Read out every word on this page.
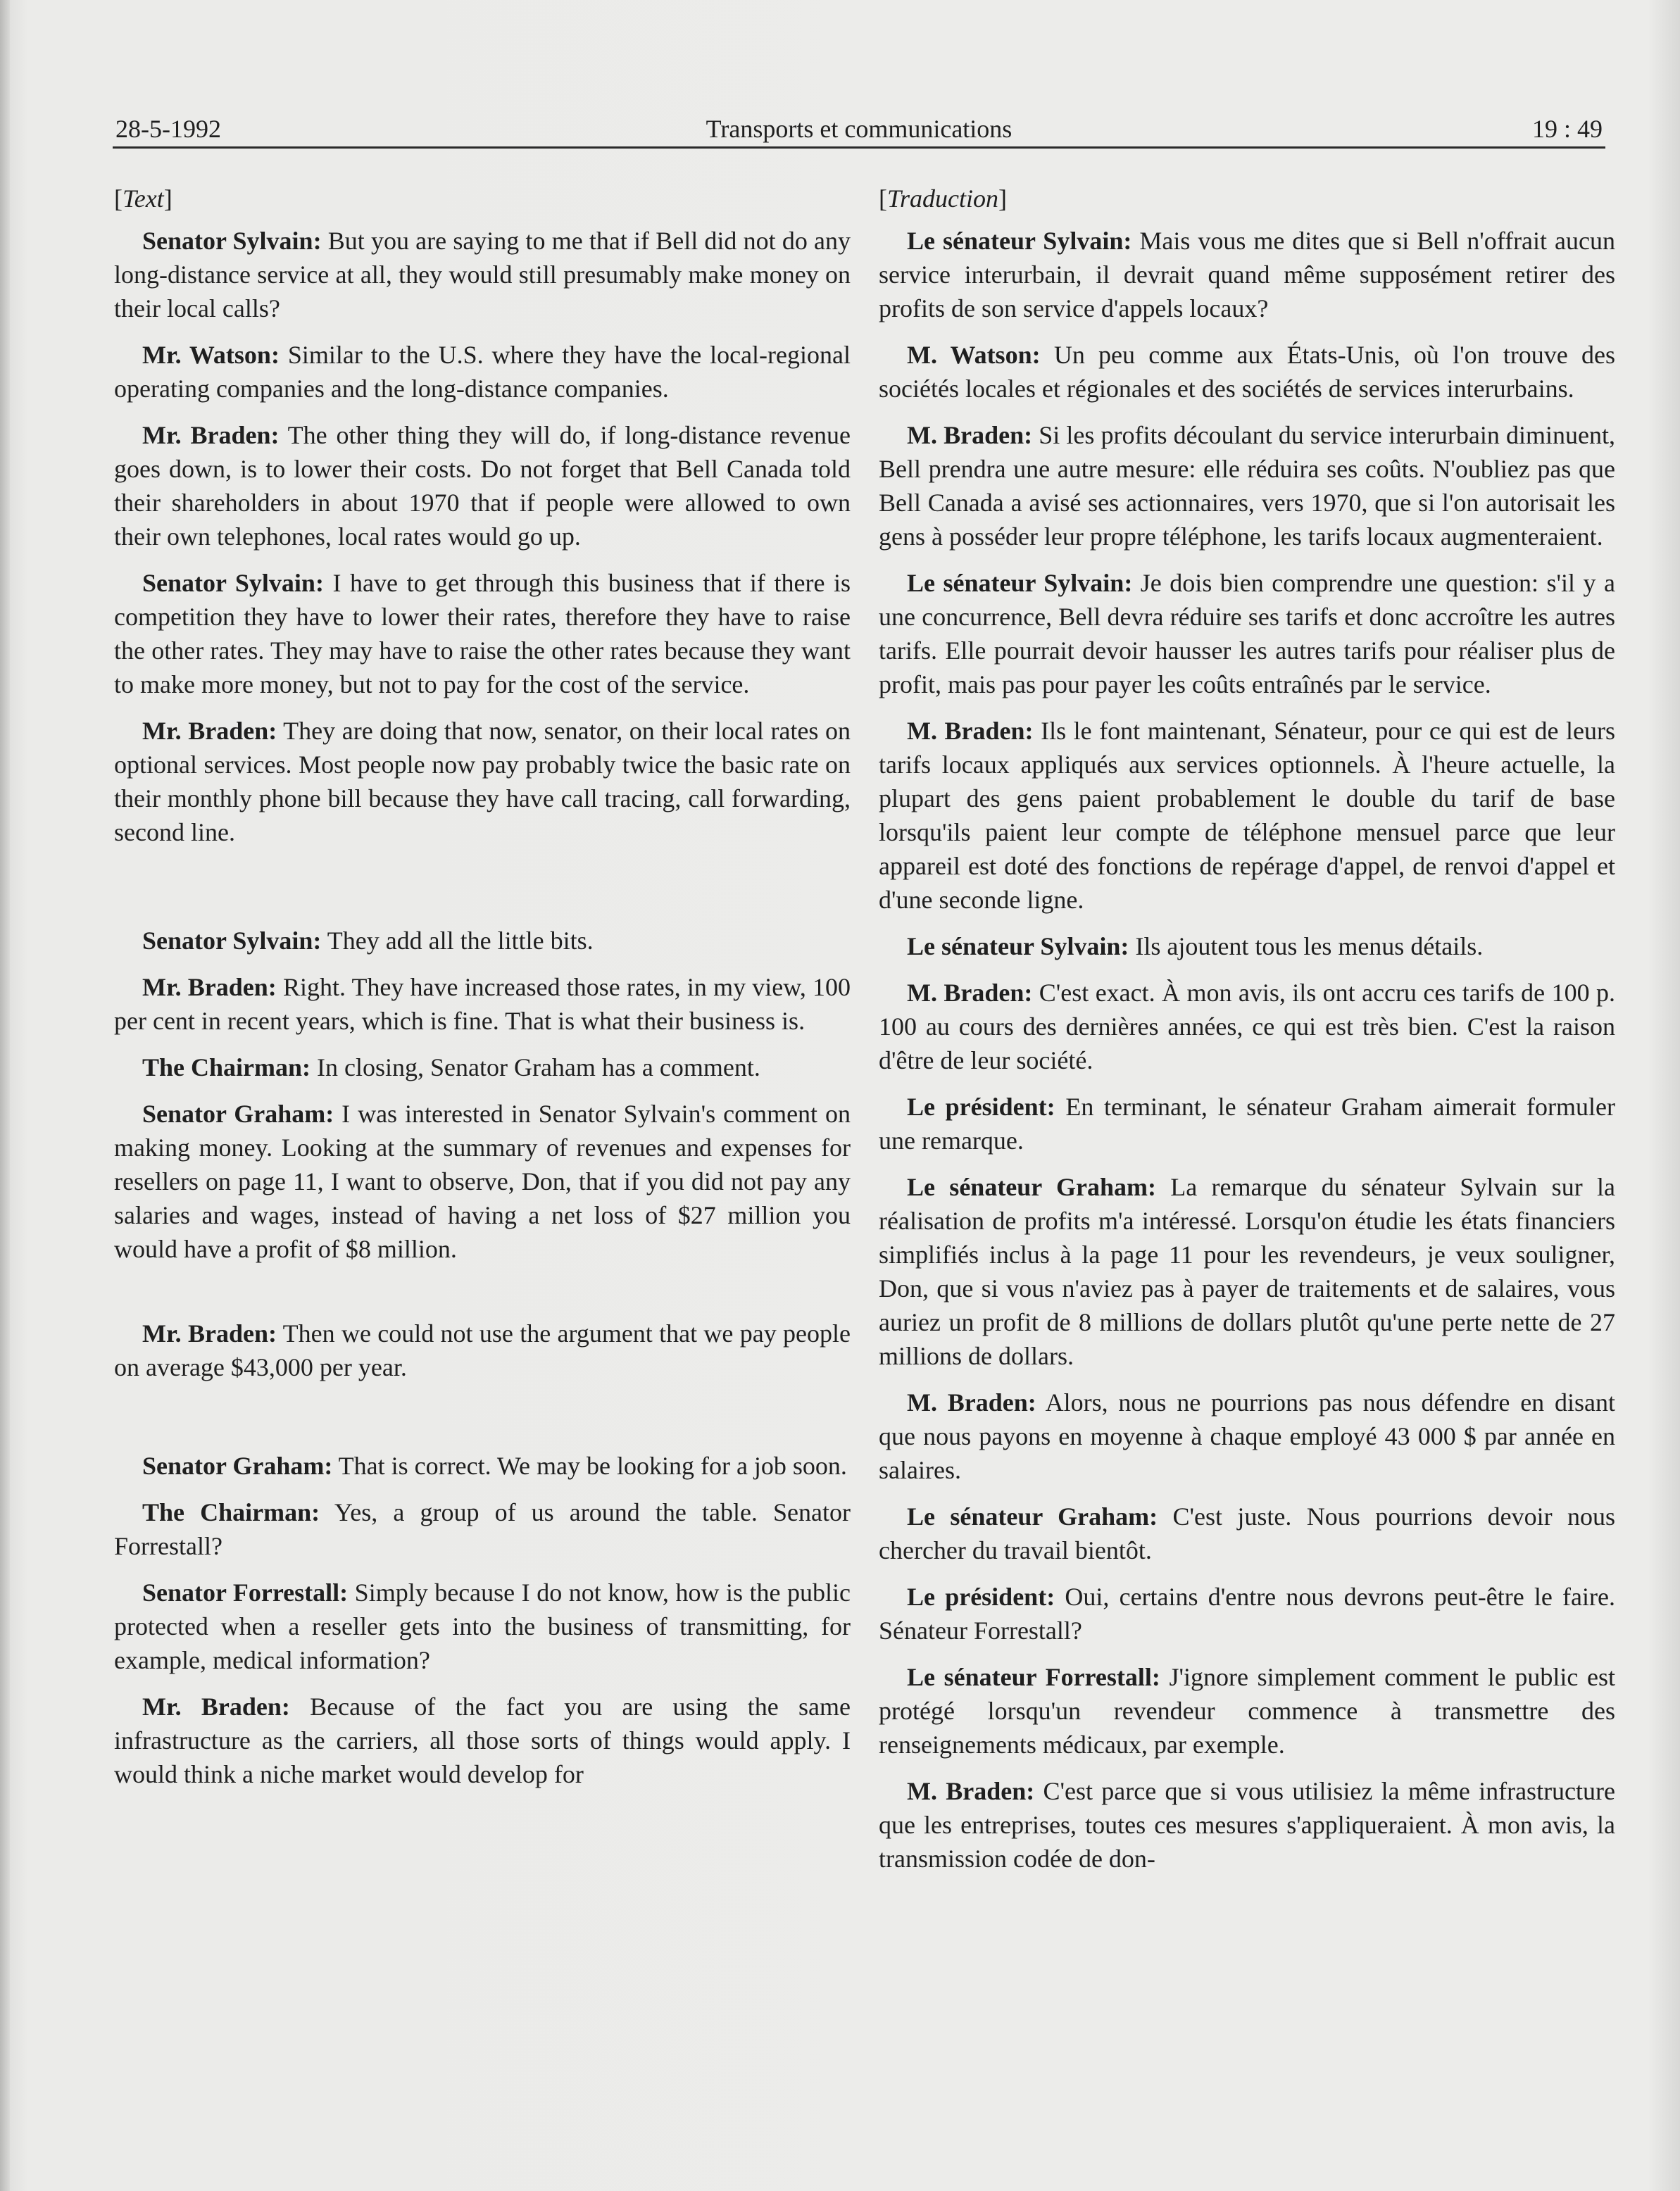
28-5-1992	Transports et communications	19 : 49

[Text]

Senator Sylvain: But you are saying to me that if Bell did not do any long-distance service at all, they would still presumably make money on their local calls?

Mr. Watson: Similar to the U.S. where they have the local-regional operating companies and the long-distance companies.

Mr. Braden: The other thing they will do, if long-distance revenue goes down, is to lower their costs. Do not forget that Bell Canada told their shareholders in about 1970 that if people were allowed to own their own telephones, local rates would go up.

Senator Sylvain: I have to get through this business that if there is competition they have to lower their rates, therefore they have to raise the other rates. They may have to raise the other rates because they want to make more money, but not to pay for the cost of the service.

Mr. Braden: They are doing that now, senator, on their local rates on optional services. Most people now pay probably twice the basic rate on their monthly phone bill because they have call tracing, call forwarding, second line.

Senator Sylvain: They add all the little bits.

Mr. Braden: Right. They have increased those rates, in my view, 100 per cent in recent years, which is fine. That is what their business is.

The Chairman: In closing, Senator Graham has a comment.

Senator Graham: I was interested in Senator Sylvain's comment on making money. Looking at the summary of revenues and expenses for resellers on page 11, I want to observe, Don, that if you did not pay any salaries and wages, instead of having a net loss of $27 million you would have a profit of $8 million.

Mr. Braden: Then we could not use the argument that we pay people on average $43,000 per year.

Senator Graham: That is correct. We may be looking for a job soon.

The Chairman: Yes, a group of us around the table. Senator Forrestall?

Senator Forrestall: Simply because I do not know, how is the public protected when a reseller gets into the business of transmitting, for example, medical information?

Mr. Braden: Because of the fact you are using the same infrastructure as the carriers, all those sorts of things would apply. I would think a niche market would develop for

[Traduction]

Le sénateur Sylvain: Mais vous me dites que si Bell n'offrait aucun service interurbain, il devrait quand même supposément retirer des profits de son service d'appels locaux?

M. Watson: Un peu comme aux États-Unis, où l'on trouve des sociétés locales et régionales et des sociétés de services interurbains.

M. Braden: Si les profits découlant du service interurbain diminuent, Bell prendra une autre mesure: elle réduira ses coûts. N'oubliez pas que Bell Canada a avisé ses actionnaires, vers 1970, que si l'on autorisait les gens à posséder leur propre téléphone, les tarifs locaux augmenteraient.

Le sénateur Sylvain: Je dois bien comprendre une question: s'il y a une concurrence, Bell devra réduire ses tarifs et donc accroître les autres tarifs. Elle pourrait devoir hausser les autres tarifs pour réaliser plus de profit, mais pas pour payer les coûts entraînés par le service.

M. Braden: Ils le font maintenant, Sénateur, pour ce qui est de leurs tarifs locaux appliqués aux services optionnels. À l'heure actuelle, la plupart des gens paient probablement le double du tarif de base lorsqu'ils paient leur compte de téléphone mensuel parce que leur appareil est doté des fonctions de repérage d'appel, de renvoi d'appel et d'une seconde ligne.

Le sénateur Sylvain: Ils ajoutent tous les menus détails.

M. Braden: C'est exact. À mon avis, ils ont accru ces tarifs de 100 p. 100 au cours des dernières années, ce qui est très bien. C'est la raison d'être de leur société.

Le président: En terminant, le sénateur Graham aimerait formuler une remarque.

Le sénateur Graham: La remarque du sénateur Sylvain sur la réalisation de profits m'a intéressé. Lorsqu'on étudie les états financiers simplifiés inclus à la page 11 pour les revendeurs, je veux souligner, Don, que si vous n'aviez pas à payer de traitements et de salaires, vous auriez un profit de 8 millions de dollars plutôt qu'une perte nette de 27 millions de dollars.

M. Braden: Alors, nous ne pourrions pas nous défendre en disant que nous payons en moyenne à chaque employé 43 000 $ par année en salaires.

Le sénateur Graham: C'est juste. Nous pourrions devoir nous chercher du travail bientôt.

Le président: Oui, certains d'entre nous devrons peut-être le faire. Sénateur Forrestall?

Le sénateur Forrestall: J'ignore simplement comment le public est protégé lorsqu'un revendeur commence à transmettre des renseignements médicaux, par exemple.

M. Braden: C'est parce que si vous utilisiez la même infrastructure que les entreprises, toutes ces mesures s'appliqueraient. À mon avis, la transmission codée de don-
